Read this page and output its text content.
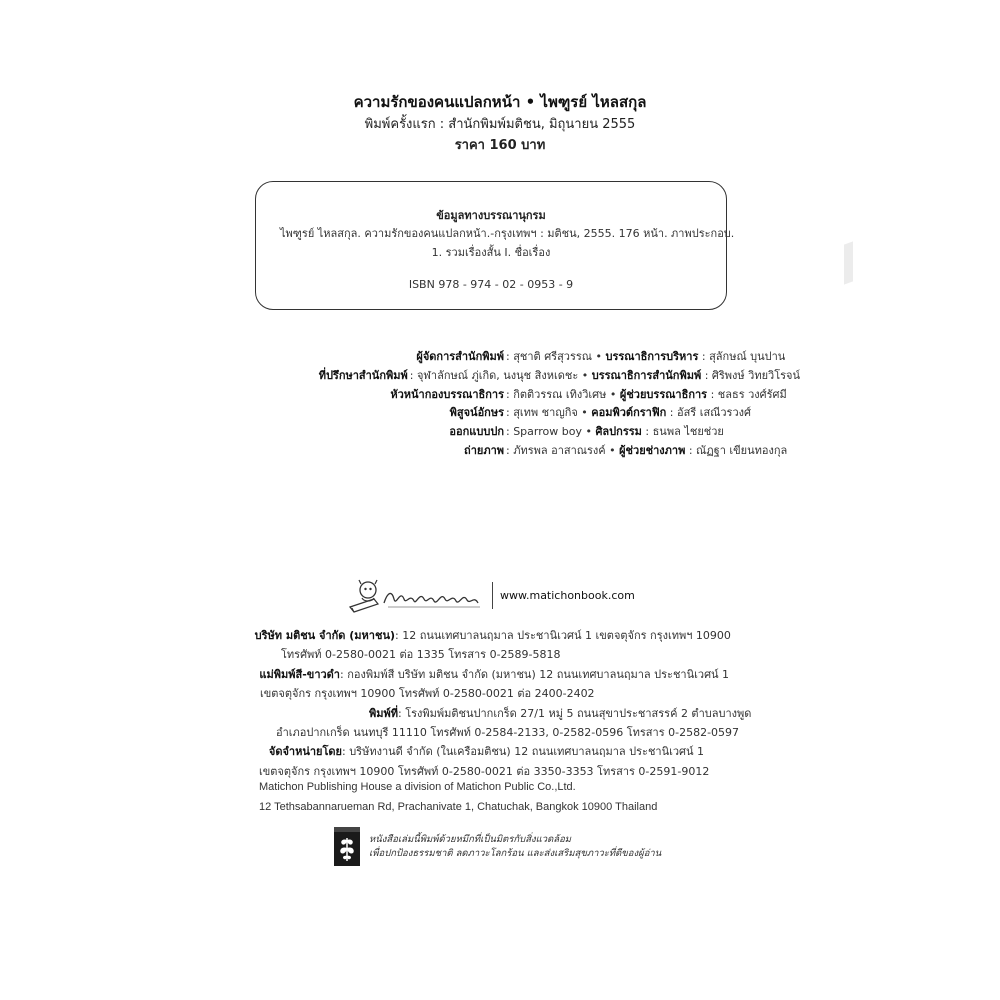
ความรักของคนแปลกหน้า • ไพฑูรย์ ไหลสกุล
พิมพ์ครั้งแรก : สำนักพิมพ์มติชน, มิถุนายน 2555
ราคา 160 บาท
ข้อมูลทางบรรณานุกรม
ไพฑูรย์ ไหลสกุล. ความรักของคนแปลกหน้า.-กรุงเทพฯ : มติชน, 2555. 176 หน้า. ภาพประกอบ.
1. รวมเรื่องสั้น I. ชื่อเรื่อง
ISBN 978 - 974 - 02 - 0953 - 9
ผู้จัดการสำนักพิมพ์ : สุชาติ ศรีสุวรรณ • บรรณาธิการบริหาร : สุลักษณ์ บุนปาน
ที่ปรึกษาสำนักพิมพ์ : จุฬาลักษณ์ ภู่เกิด, นงนุช สิงหเดชะ • บรรณาธิการสำนักพิมพ์ : ศิริพงษ์ วิทยวิโรจน์
หัวหน้ากองบรรณาธิการ : กิตติวรรณ เทิงวิเศษ • ผู้ช่วยบรรณาธิการ : ชลธร วงศ์รัศมี
พิสูจน์อักษร : สุเทพ ชาญกิจ • คอมพิวต์กราฟิก : อัสรี เสณีวรวงศ์
ออกแบบปก : Sparrow boy • ศิลปกรรม : ธนพล ไชยช่วย
ถ่ายภาพ : ภัทรพล อาสาณรงค์ • ผู้ช่วยช่างภาพ : ณัฏฐา เขียนทองกุล
www.matichonbook.com
บริษัท มติชน จำกัด (มหาชน) : 12 ถนนเทศบาลนฤมาล ประชานิเวศน์ 1 เขตจตุจักร กรุงเทพฯ 10900
โทรศัพท์ 0-2580-0021 ต่อ 1335 โทรสาร 0-2589-5818
แม่พิมพ์สี-ขาวดำ : กองพิมพ์สี บริษัท มติชน จำกัด (มหาชน) 12 ถนนเทศบาลนฤมาล ประชานิเวศน์ 1
เขตจตุจักร กรุงเทพฯ 10900 โทรศัพท์ 0-2580-0021 ต่อ 2400-2402
พิมพ์ที่ : โรงพิมพ์มติชนปากเกร็ด 27/1 หมู่ 5 ถนนสุขาประชาสรรค์ 2 ตำบลบางพูด
อำเภอปากเกร็ด นนทบุรี 11110 โทรศัพท์ 0-2584-2133, 0-2582-0596 โทรสาร 0-2582-0597
จัดจำหน่ายโดย : บริษัทงานดี จำกัด (ในเครือมติชน) 12 ถนนเทศบาลนฤมาล ประชานิเวศน์ 1
เขตจตุจักร กรุงเทพฯ 10900 โทรศัพท์ 0-2580-0021 ต่อ 3350-3353 โทรสาร 0-2591-9012
Matichon Publishing House a division of Matichon Public Co.,Ltd.
12 Tethsabannarueman Rd, Prachanivate 1, Chatuchak, Bangkok 10900 Thailand
หนังสือเล่มนี้พิมพ์ด้วยหมึกที่เป็นมิตรกับสิ่งแวดล้อม
เพื่อปกป้องธรรมชาติ ลดภาวะโลกร้อน และส่งเสริมสุขภาวะที่ดีของผู้อ่าน
